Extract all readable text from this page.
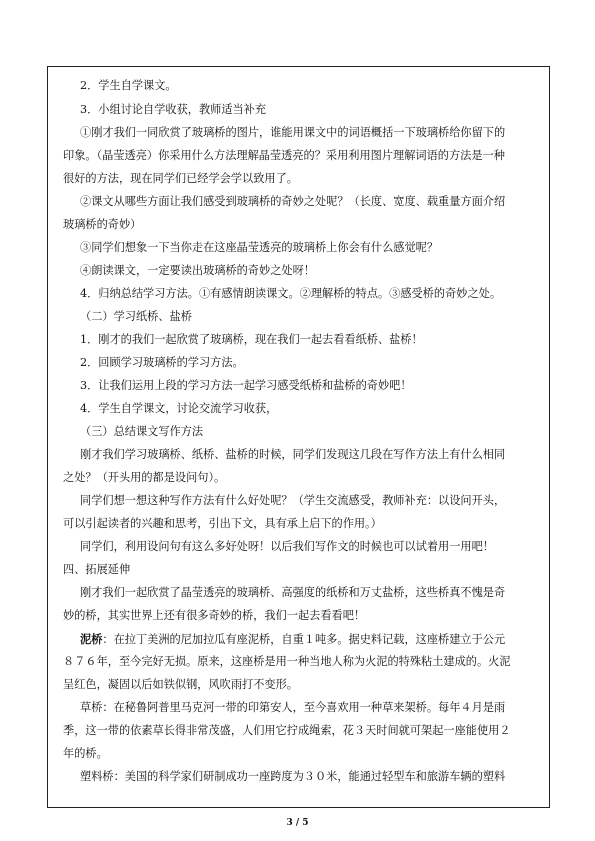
2．学生自学课文。
3．小组讨论自学收获，教师适当补充
①刚才我们一同欣赏了玻璃桥的图片，谁能用课文中的词语概括一下玻璃桥给你留下的
印象。（晶莹透亮）你采用什么方法理解晶莹透亮的？采用利用图片理解词语的方法是一种
很好的方法，现在同学们已经学会学以致用了。
②课文从哪些方面让我们感受到玻璃桥的奇妙之处呢？（长度、宽度、载重量方面介绍
玻璃桥的奇妙）
③同学们想象一下当你走在这座晶莹透亮的玻璃桥上你会有什么感觉呢？
④朗读课文，一定要读出玻璃桥的奇妙之处呀！
4．归纳总结学习方法。①有感情朗读课文。②理解桥的特点。③感受桥的奇妙之处。
（二）学习纸桥、盐桥
1．刚才的我们一起欣赏了玻璃桥，现在我们一起去看看纸桥、盐桥！
2．回顾学习玻璃桥的学习方法。
3．让我们运用上段的学习方法一起学习感受纸桥和盐桥的奇妙吧！
4．学生自学课文，讨论交流学习收获，
（三）总结课文写作方法
刚才我们学习玻璃桥、纸桥、盐桥的时候，同学们发现这几段在写作方法上有什么相同
之处？（开头用的都是设问句）。
同学们想一想这种写作方法有什么好处呢？（学生交流感受，教师补充：以设问开头，
可以引起读者的兴趣和思考，引出下文，具有承上启下的作用。）
同学们，利用设问句有这么多好处呀！以后我们写作文的时候也可以试着用一用吧！
四、拓展延伸
刚才我们一起欣赏了晶莹透亮的玻璃桥、高强度的纸桥和万丈盐桥，这些桥真不愧是奇
妙的桥，其实世界上还有很多奇妙的桥，我们一起去看看吧！
泥桥：在拉丁美洲的尼加拉瓜有座泥桥，自重１吨多。据史料记载，这座桥建立于公元
８７６年，至今完好无损。原来，这座桥是用一种当地人称为火泥的特殊粘土建成的。火泥
呈红色，凝固以后如铁似钢，风吹雨打不变形。
草桥：在秘鲁阿普里马克河一带的印第安人，至今喜欢用一种草来架桥。每年４月是雨
季，这一带的依素草长得非常茂盛，人们用它拧成绳索，花３天时间就可架起一座能使用２
年的桥。
塑料桥：美国的科学家们研制成功一座跨度为３０米，能通过轻型车和旅游车辆的塑料
3 / 5
